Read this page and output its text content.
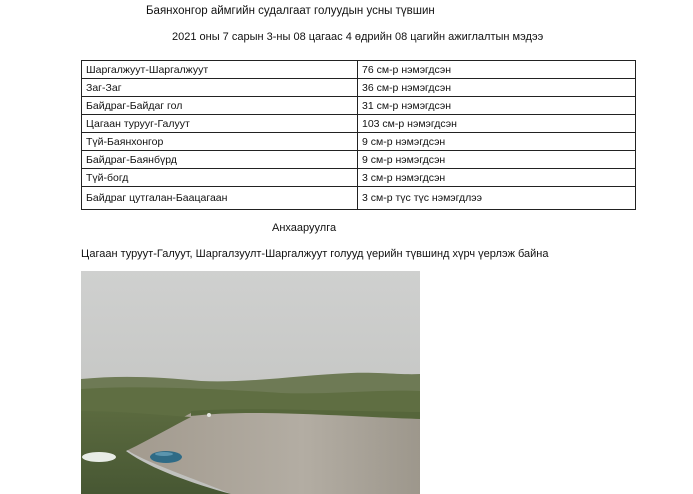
Баянхонгор аймгийн судалгаат голуудын усны түвшин
2021 оны 7 сарын 3-ны 08 цагаас 4 өдрийн 08 цагийн ажиглалтын мэдээ
Шаргалжуут-Шаргалжуут	76 см-р нэмэгдсэн
Заг-Заг	36 см-р нэмэгдсэн
Байдраг-Байдаг гол	31 см-р нэмэгдсэн
Цагаан турууг-Галуут	103 см-р нэмэгдсэн
Түй-Баянхонгор	9 см-р нэмэгдсэн
Байдраг-Баянбүрд	9 см-р нэмэгдсэн
Түй-богд	3 см-р нэмэгдсэн
Байдраг цутгалан-Баацагаан	3 см-р түс түс нэмэгдлээ
Анхааруулга
Цагаан туруут-Галуут, Шаргалзуулт-Шаргалжуут голууд үерийн түвшинд хүрч үерлэж байна
